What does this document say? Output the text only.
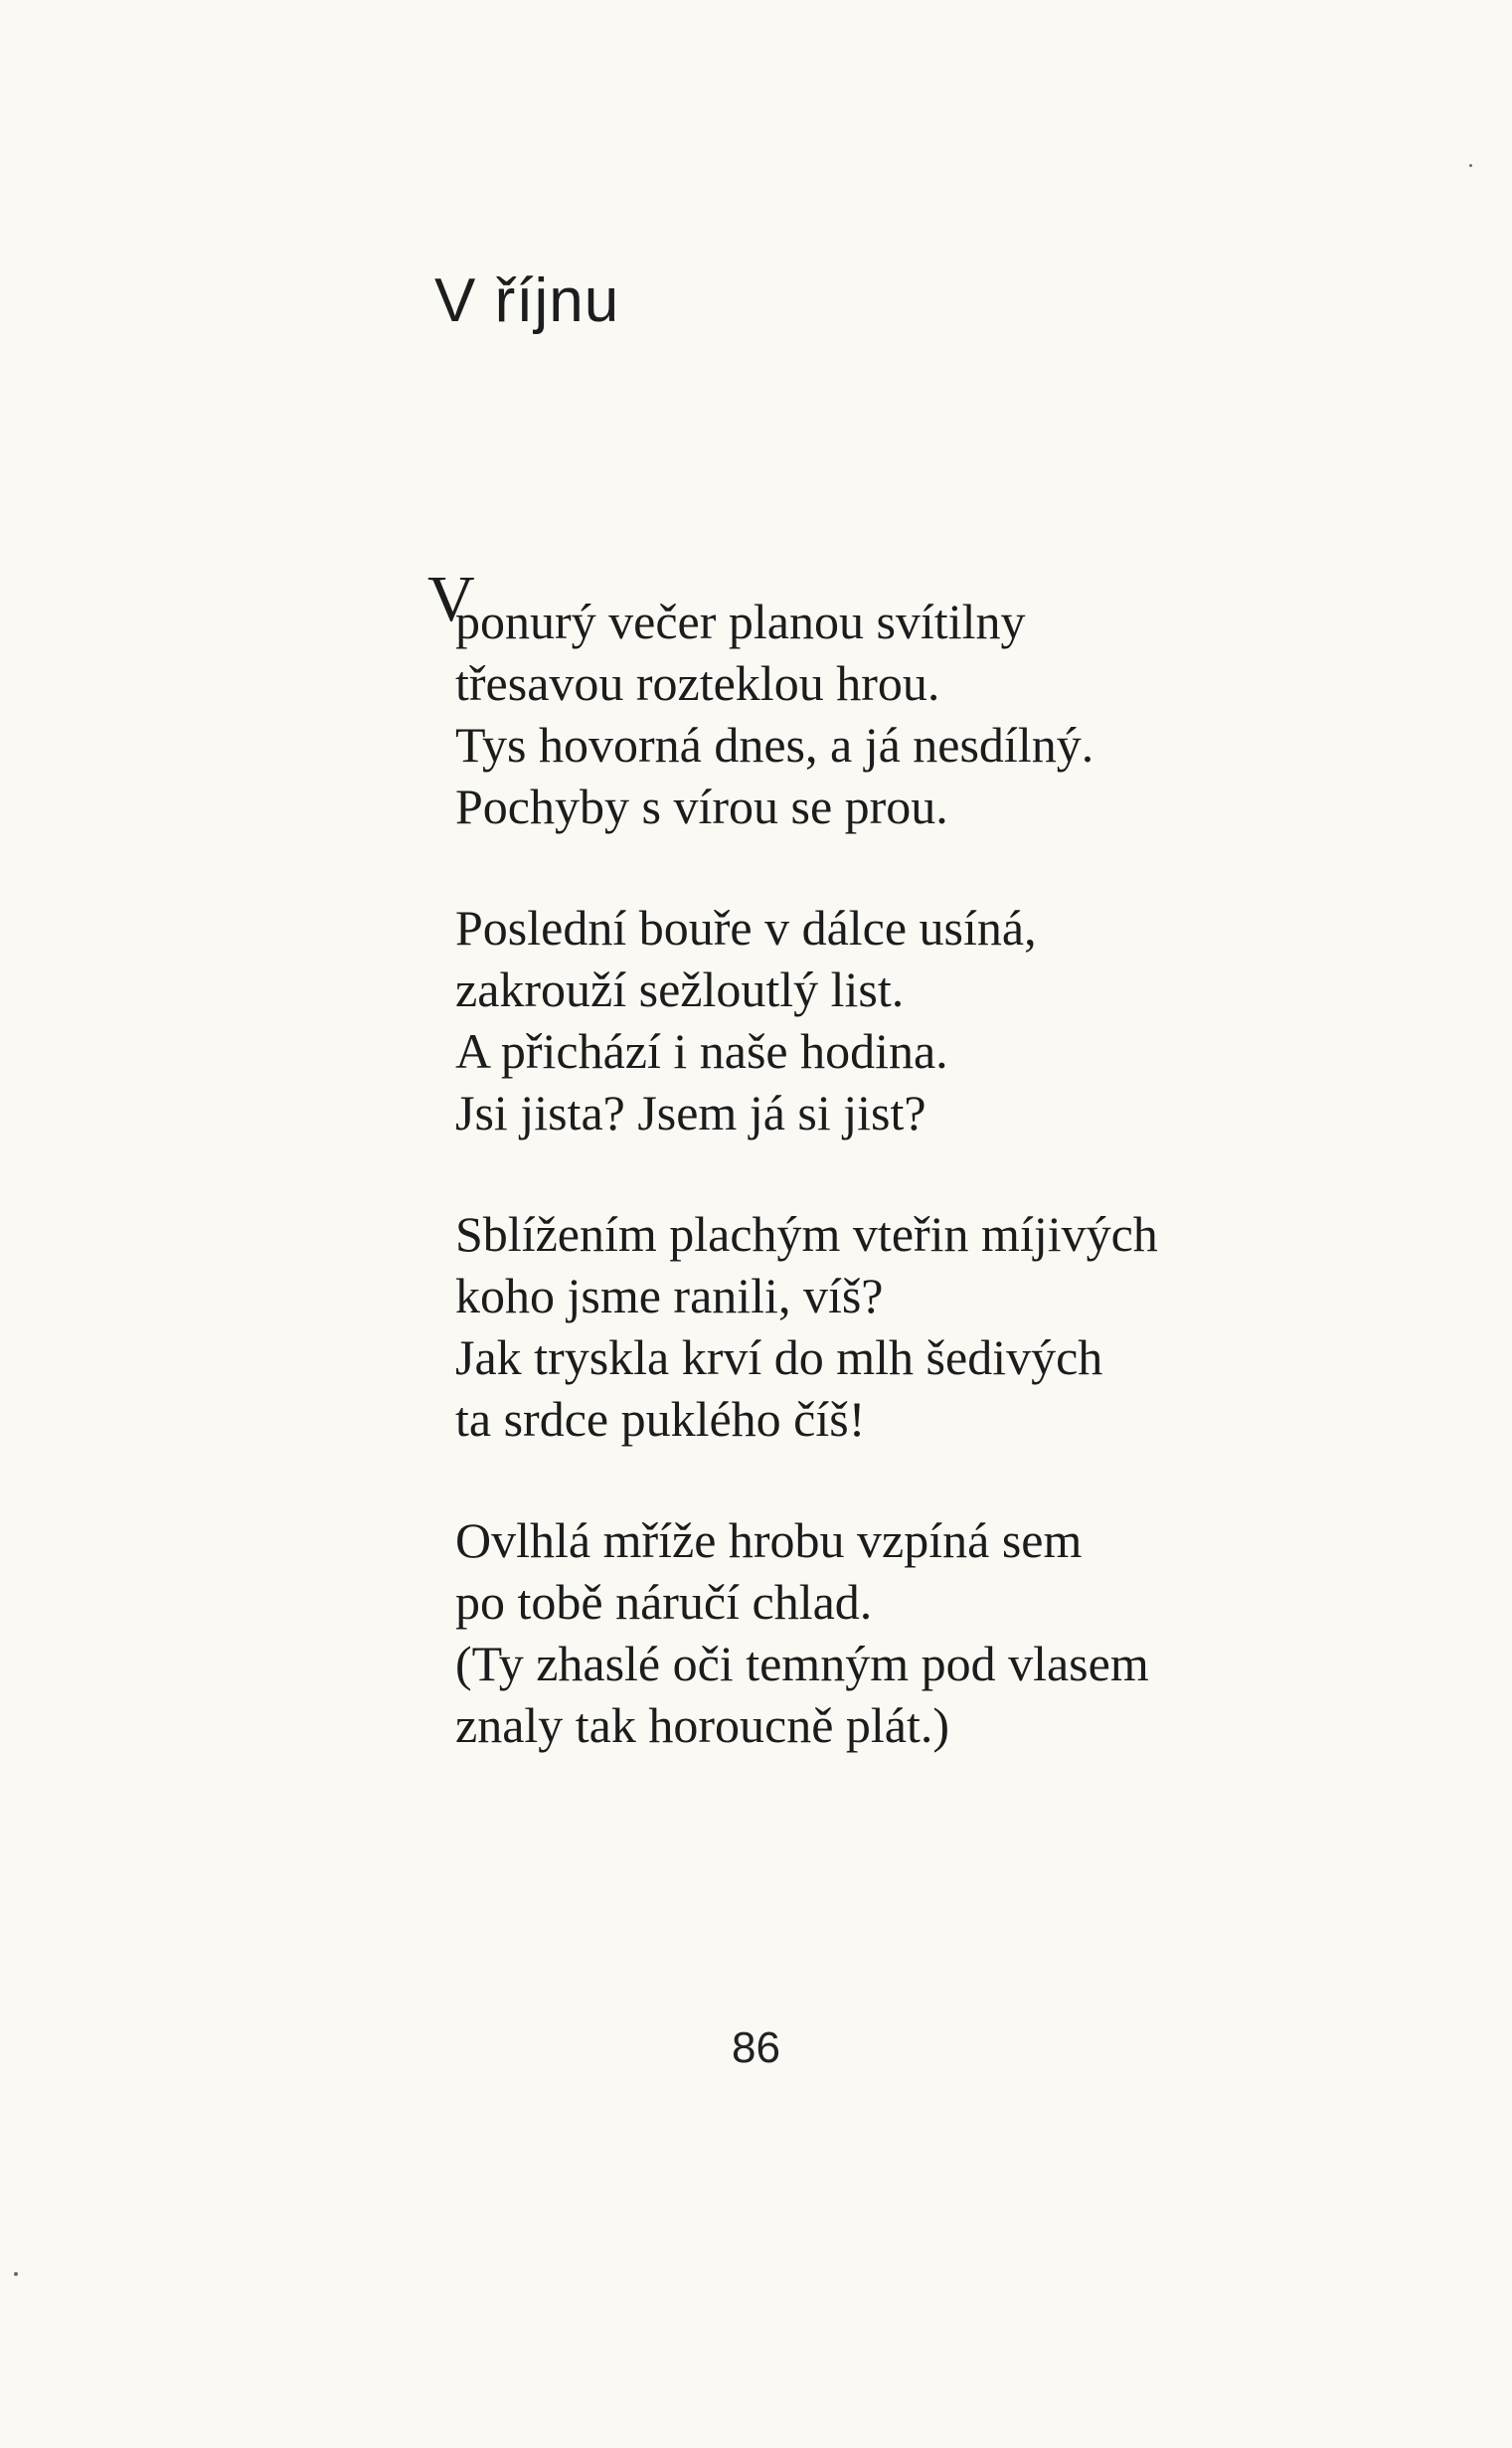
V říjnu
V
ponurý večer planou svítilny
třesavou rozteklou hrou.
Tys hovorná dnes, a já nesdílný.
Pochyby s vírou se prou.
Poslední bouře v dálce usíná,
zakrouží sežloutlý list.
A přichází i naše hodina.
Jsi jista? Jsem já si jist?
Sblížením plachým vteřin míjivých
koho jsme ranili, víš?
Jak tryskla krví do mlh šedivých
ta srdce puklého číš!
Ovlhlá mříže hrobu vzpíná sem
po tobě náručí chlad.
(Ty zhaslé oči temným pod vlasem
znaly tak horoucně plát.)
86
